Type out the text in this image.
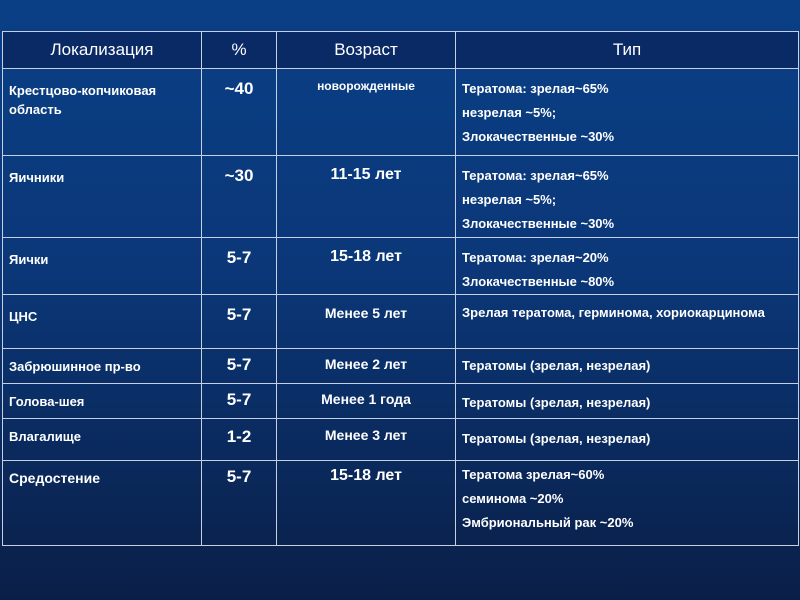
Локализация	%	Возраст	Тип

Крестцово-копчиковая область	~40	новорожденные	Тератома: зрелая~65%
незрелая ~5%;
Злокачественные ~30%

Яичники	~30	11-15 лет	Тератома: зрелая~65%
незрелая ~5%;
Злокачественные ~30%

Яички	5-7	15-18 лет	Тератома: зрелая~20%
Злокачественные ~80%

ЦНС	5-7	Менее 5 лет	Зрелая тератома, герминома, хориокарцинома

Забрюшинное пр-во	5-7	Менее 2 лет	Тератомы (зрелая, незрелая)

Голова-шея	5-7	Менее 1 года	Тератомы (зрелая, незрелая)

Влагалище	1-2	Менее 3 лет	Тератомы (зрелая, незрелая)

Средостение	5-7	15-18 лет	Тератома зрелая~60%
семинома ~20%
Эмбриональный рак ~20%
